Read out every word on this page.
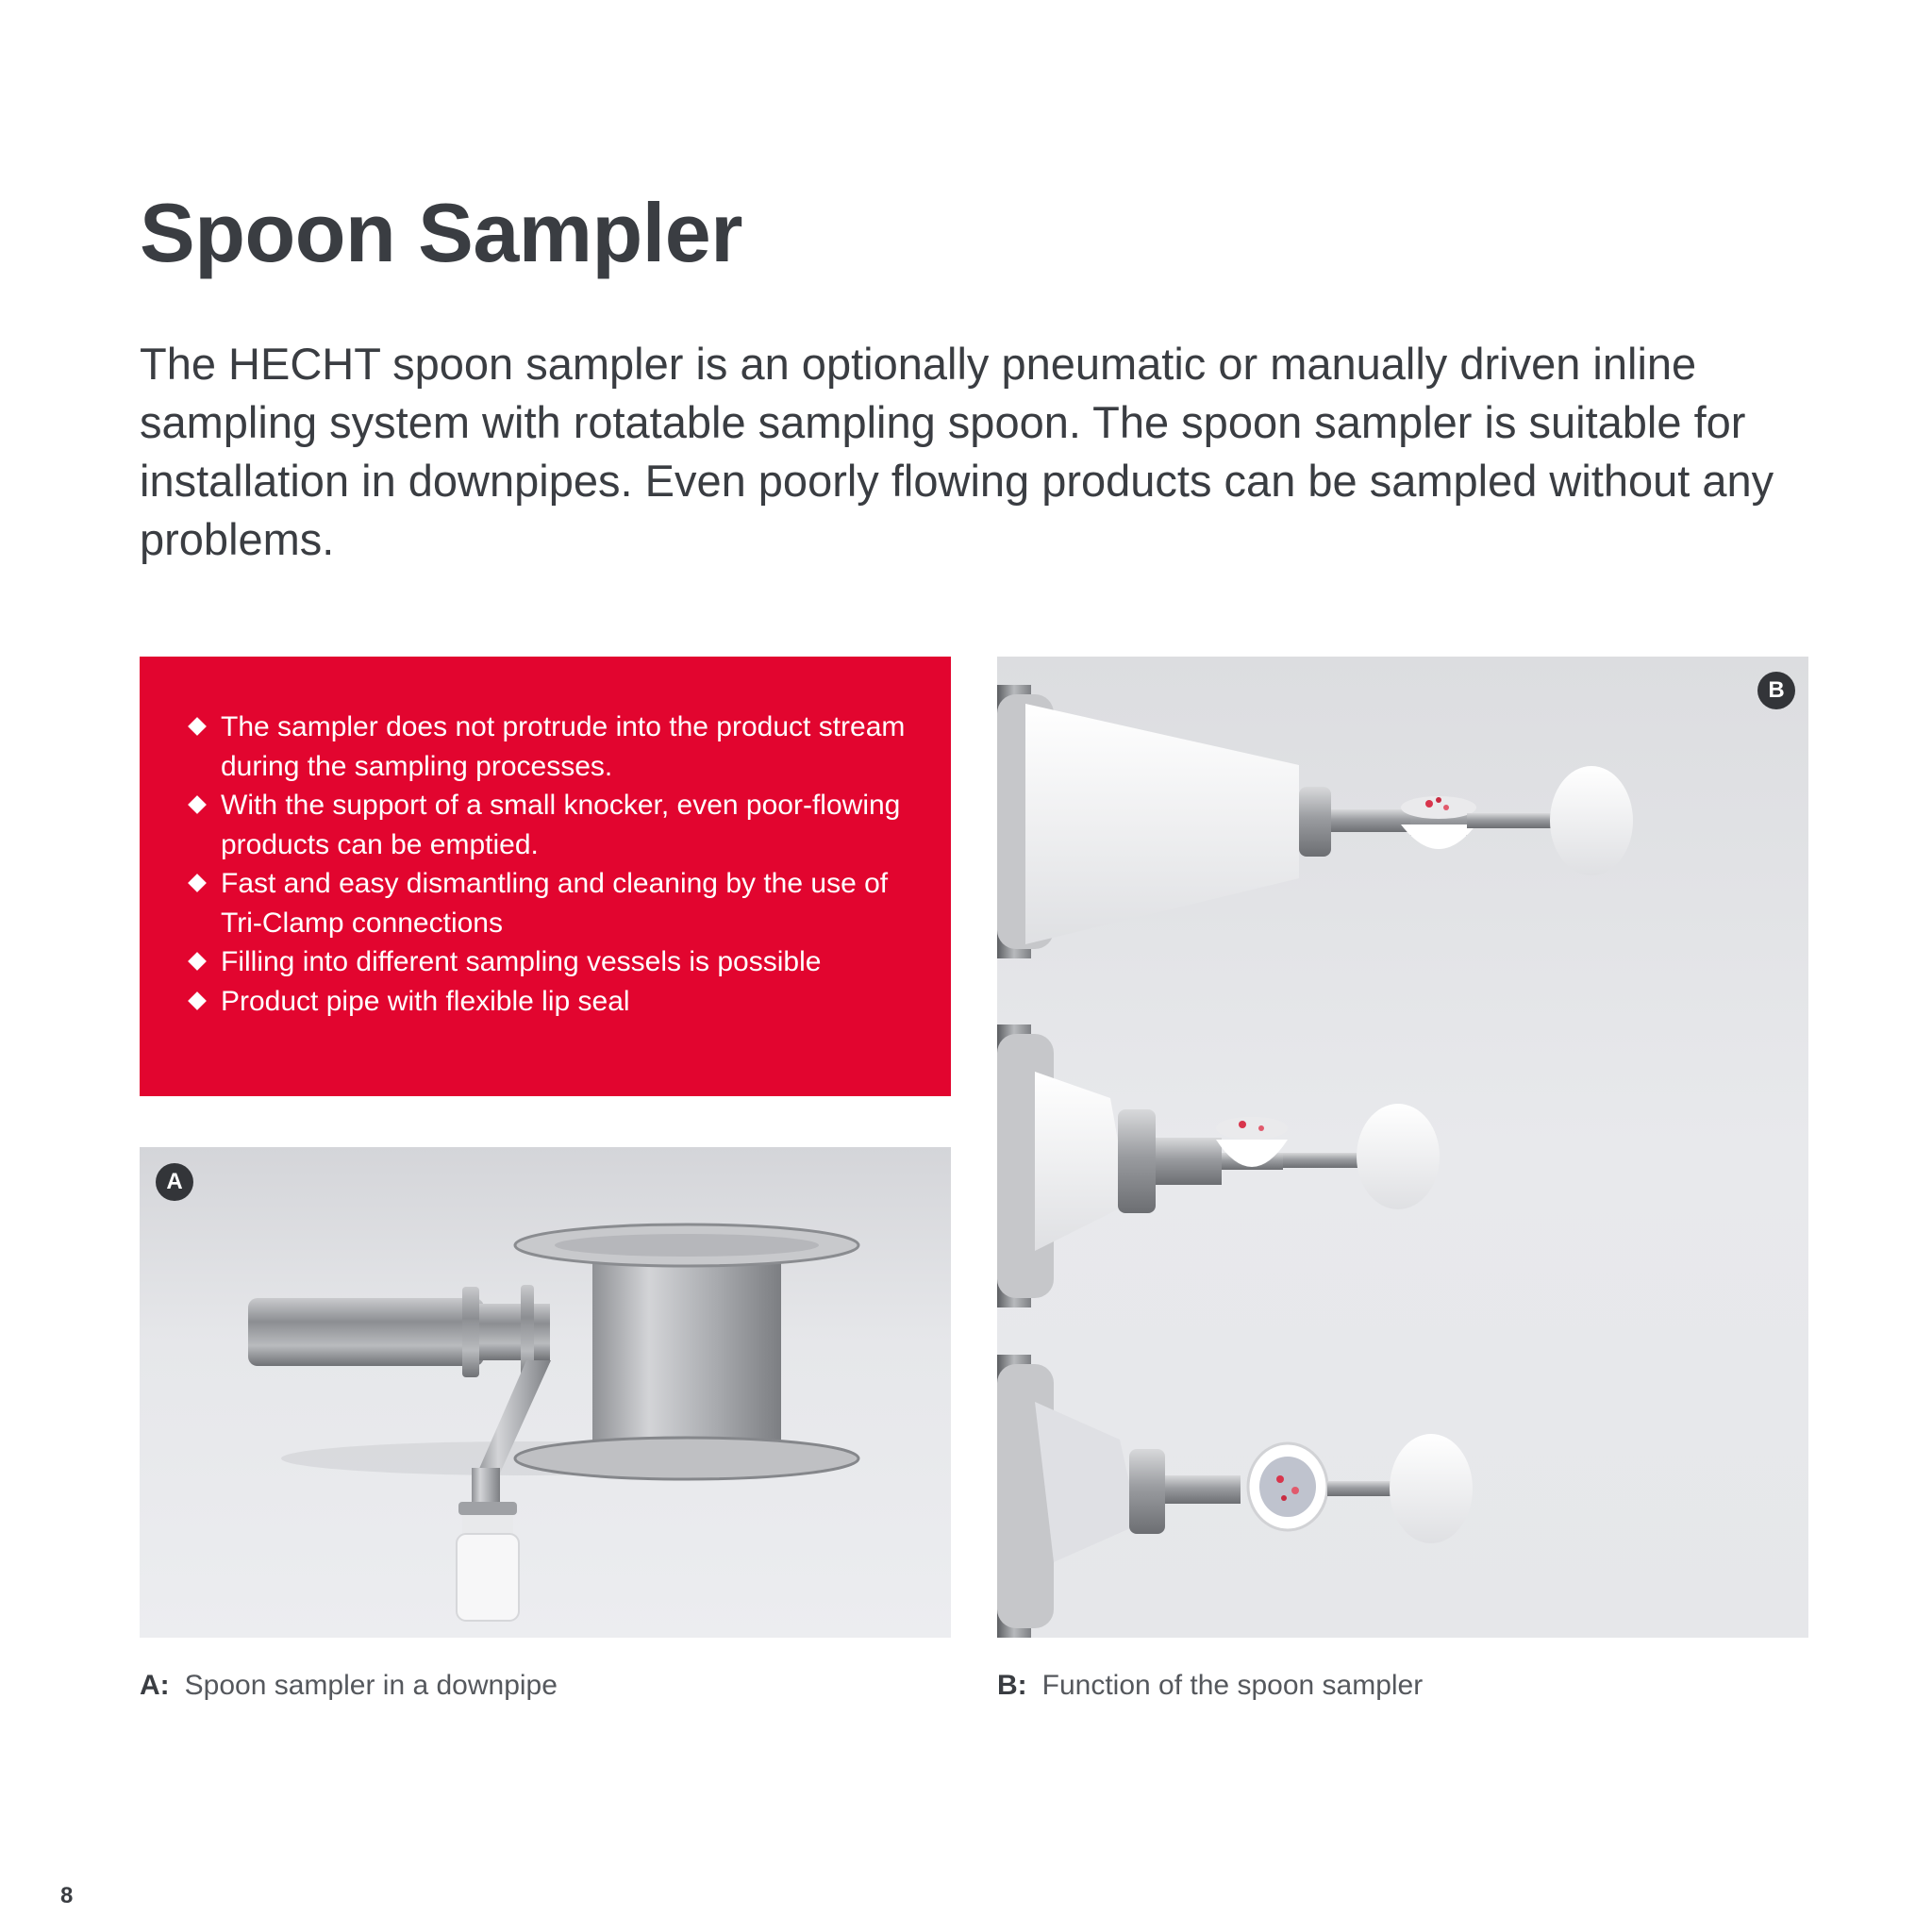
Spoon Sampler

The HECHT spoon sampler is an optionally pneumatic or manually driven inline sampling system with rotatable sampling spoon. The spoon sampler is suitable for installation in downpipes. Even poorly flowing products can be sampled without any problems.

The sampler does not protrude into the product stream during the sampling processes.
With the support of a small knocker, even poor-flowing products can be emptied.
Fast and easy dismantling and cleaning by the use of Tri-Clamp connections
Filling into different sampling vessels is possible
Product pipe with flexible lip seal
A
B
A: Spoon sampler in a downpipe	B: Function of the spoon sampler
8
